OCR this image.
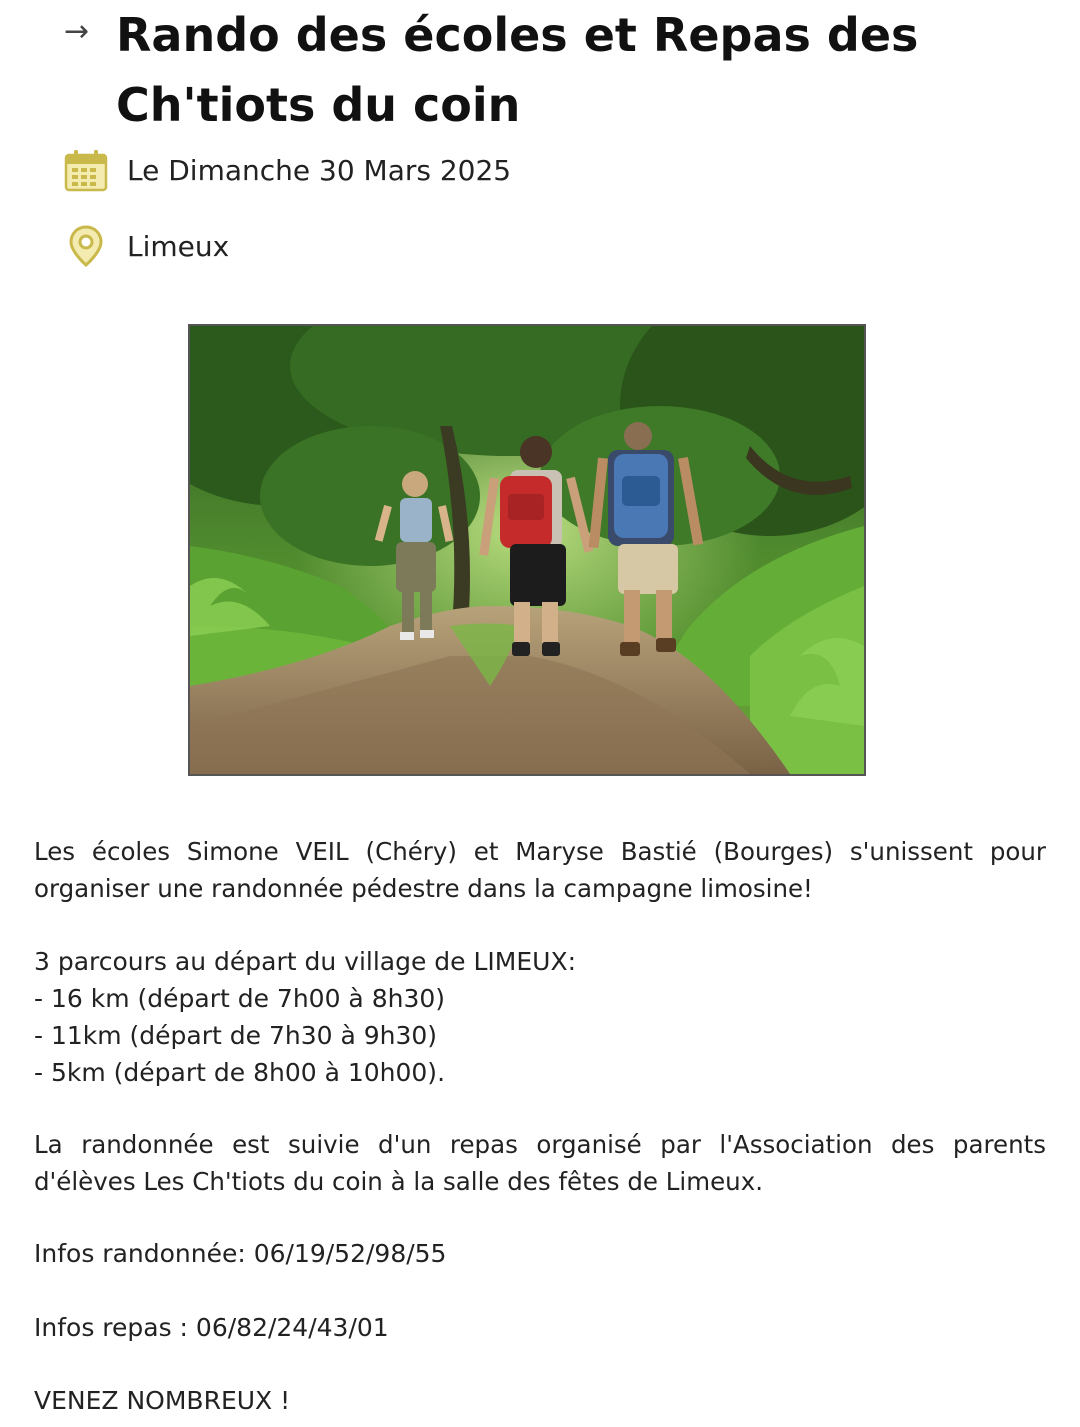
→ Rando des écoles et Repas des Ch'tiots du coin
Le Dimanche 30 Mars 2025
Limeux

Les écoles Simone VEIL (Chéry) et Maryse Bastié (Bourges) s'unissent pour organiser une randonnée pédestre dans la campagne limosine!

3 parcours au départ du village de LIMEUX:
- 16 km (départ de 7h00 à 8h30)
- 11km (départ de 7h30 à 9h30)
- 5km (départ de 8h00 à 10h00).

La randonnée est suivie d'un repas organisé par l'Association des parents d'élèves Les Ch'tiots du coin à la salle des fêtes de Limeux.

Infos randonnée: 06/19/52/98/55

Infos repas : 06/82/24/43/01

VENEZ NOMBREUX !
